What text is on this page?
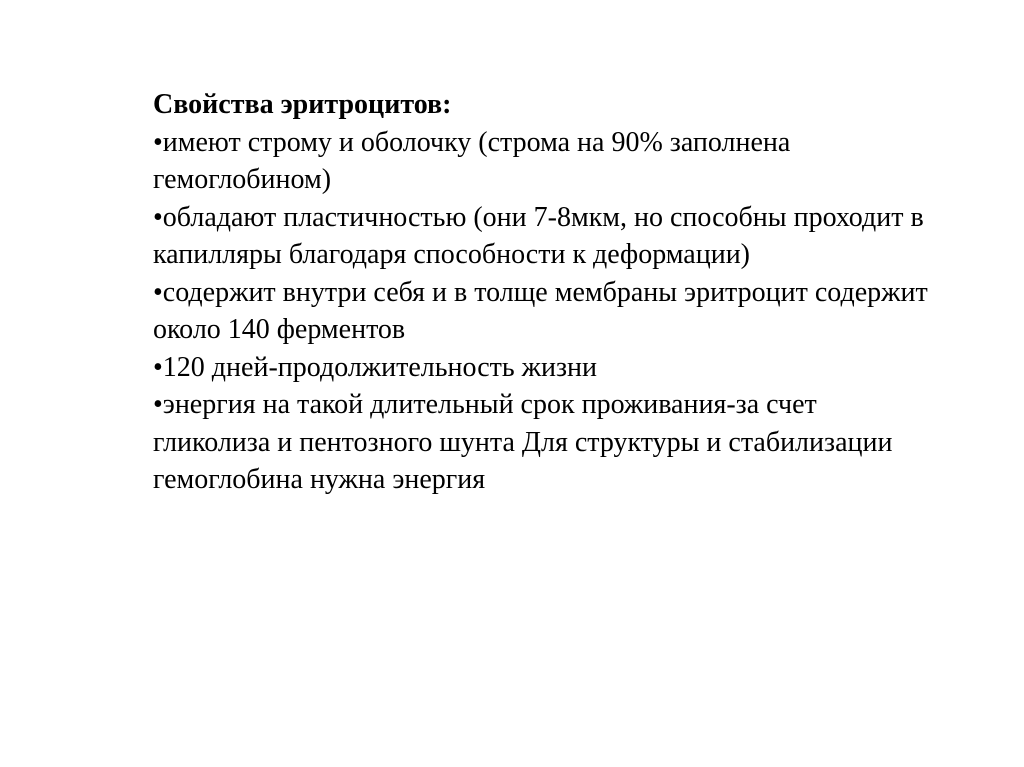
Свойства эритроцитов:

•имеют строму и оболочку (строма на 90% заполнена гемоглобином)

•обладают пластичностью (они 7-8мкм, но способны проходит в капилляры благодаря способности к деформации)

•содержит внутри себя и в толще мембраны эритроцит содержит около 140 ферментов

•120 дней-продолжительность жизни

•энергия на такой длительный срок проживания-за счет гликолиза и пентозного шунта Для структуры и стабилизации гемоглобина нужна энергия
